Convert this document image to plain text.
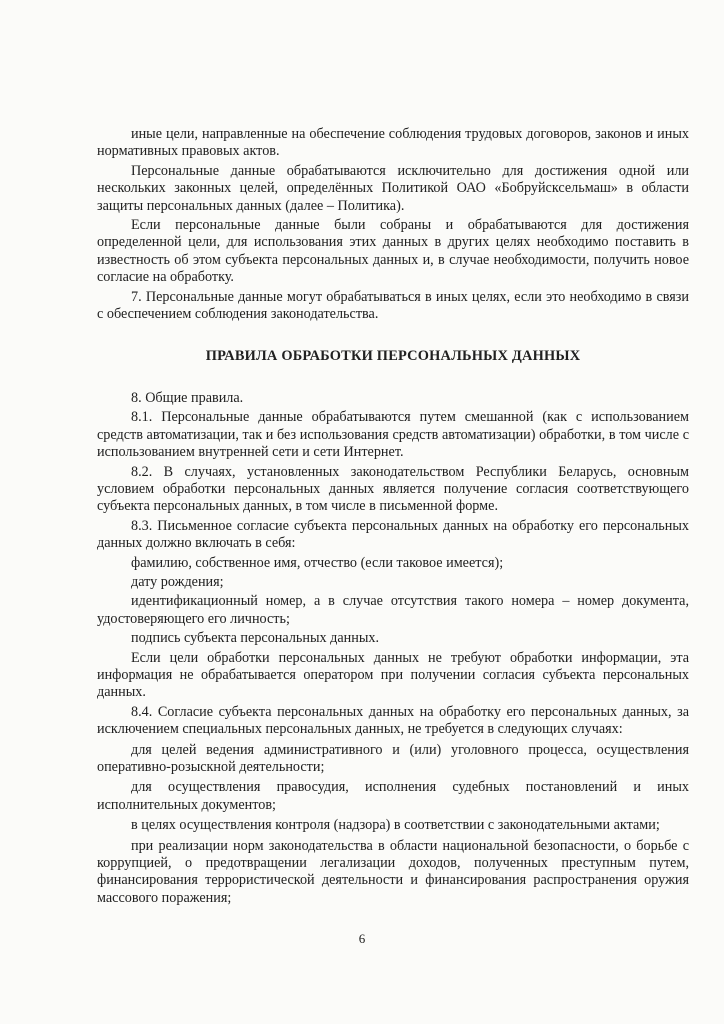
иные цели, направленные на обеспечение соблюдения трудовых договоров, законов и иных нормативных правовых актов.

Персональные данные обрабатываются исключительно для достижения одной или нескольких законных целей, определённых Политикой ОАО «Бобруйсксельмаш» в области защиты персональных данных (далее – Политика).

Если персональные данные были собраны и обрабатываются для достижения определенной цели, для использования этих данных в других целях необходимо поставить в известность об этом субъекта персональных данных и, в случае необходимости, получить новое согласие на обработку.

7. Персональные данные могут обрабатываться в иных целях, если это необходимо в связи с обеспечением соблюдения законодательства.

ПРАВИЛА ОБРАБОТКИ ПЕРСОНАЛЬНЫХ ДАННЫХ

8. Общие правила.

8.1. Персональные данные обрабатываются путем смешанной (как с использованием средств автоматизации, так и без использования средств автоматизации) обработки, в том числе с использованием внутренней сети и сети Интернет.

8.2. В случаях, установленных законодательством Республики Беларусь, основным условием обработки персональных данных является получение согласия соответствующего субъекта персональных данных, в том числе в письменной форме.

8.3. Письменное согласие субъекта персональных данных на обработку его персональных данных должно включать в себя:

фамилию, собственное имя, отчество (если таковое имеется);

дату рождения;

идентификационный номер, а в случае отсутствия такого номера – номер документа, удостоверяющего его личность;

подпись субъекта персональных данных.

Если цели обработки персональных данных не требуют обработки информации, эта информация не обрабатывается оператором при получении согласия субъекта персональных данных.

8.4. Согласие субъекта персональных данных на обработку его персональных данных, за исключением специальных персональных данных, не требуется в следующих случаях:

для целей ведения административного и (или) уголовного процесса, осуществления оперативно-розыскной деятельности;

для осуществления правосудия, исполнения судебных постановлений и иных исполнительных документов;

в целях осуществления контроля (надзора) в соответствии с законодательными актами;

при реализации норм законодательства в области национальной безопасности, о борьбе с коррупцией, о предотвращении легализации доходов, полученных преступным путем, финансирования террористической деятельности и финансирования распространения оружия массового поражения;

6
